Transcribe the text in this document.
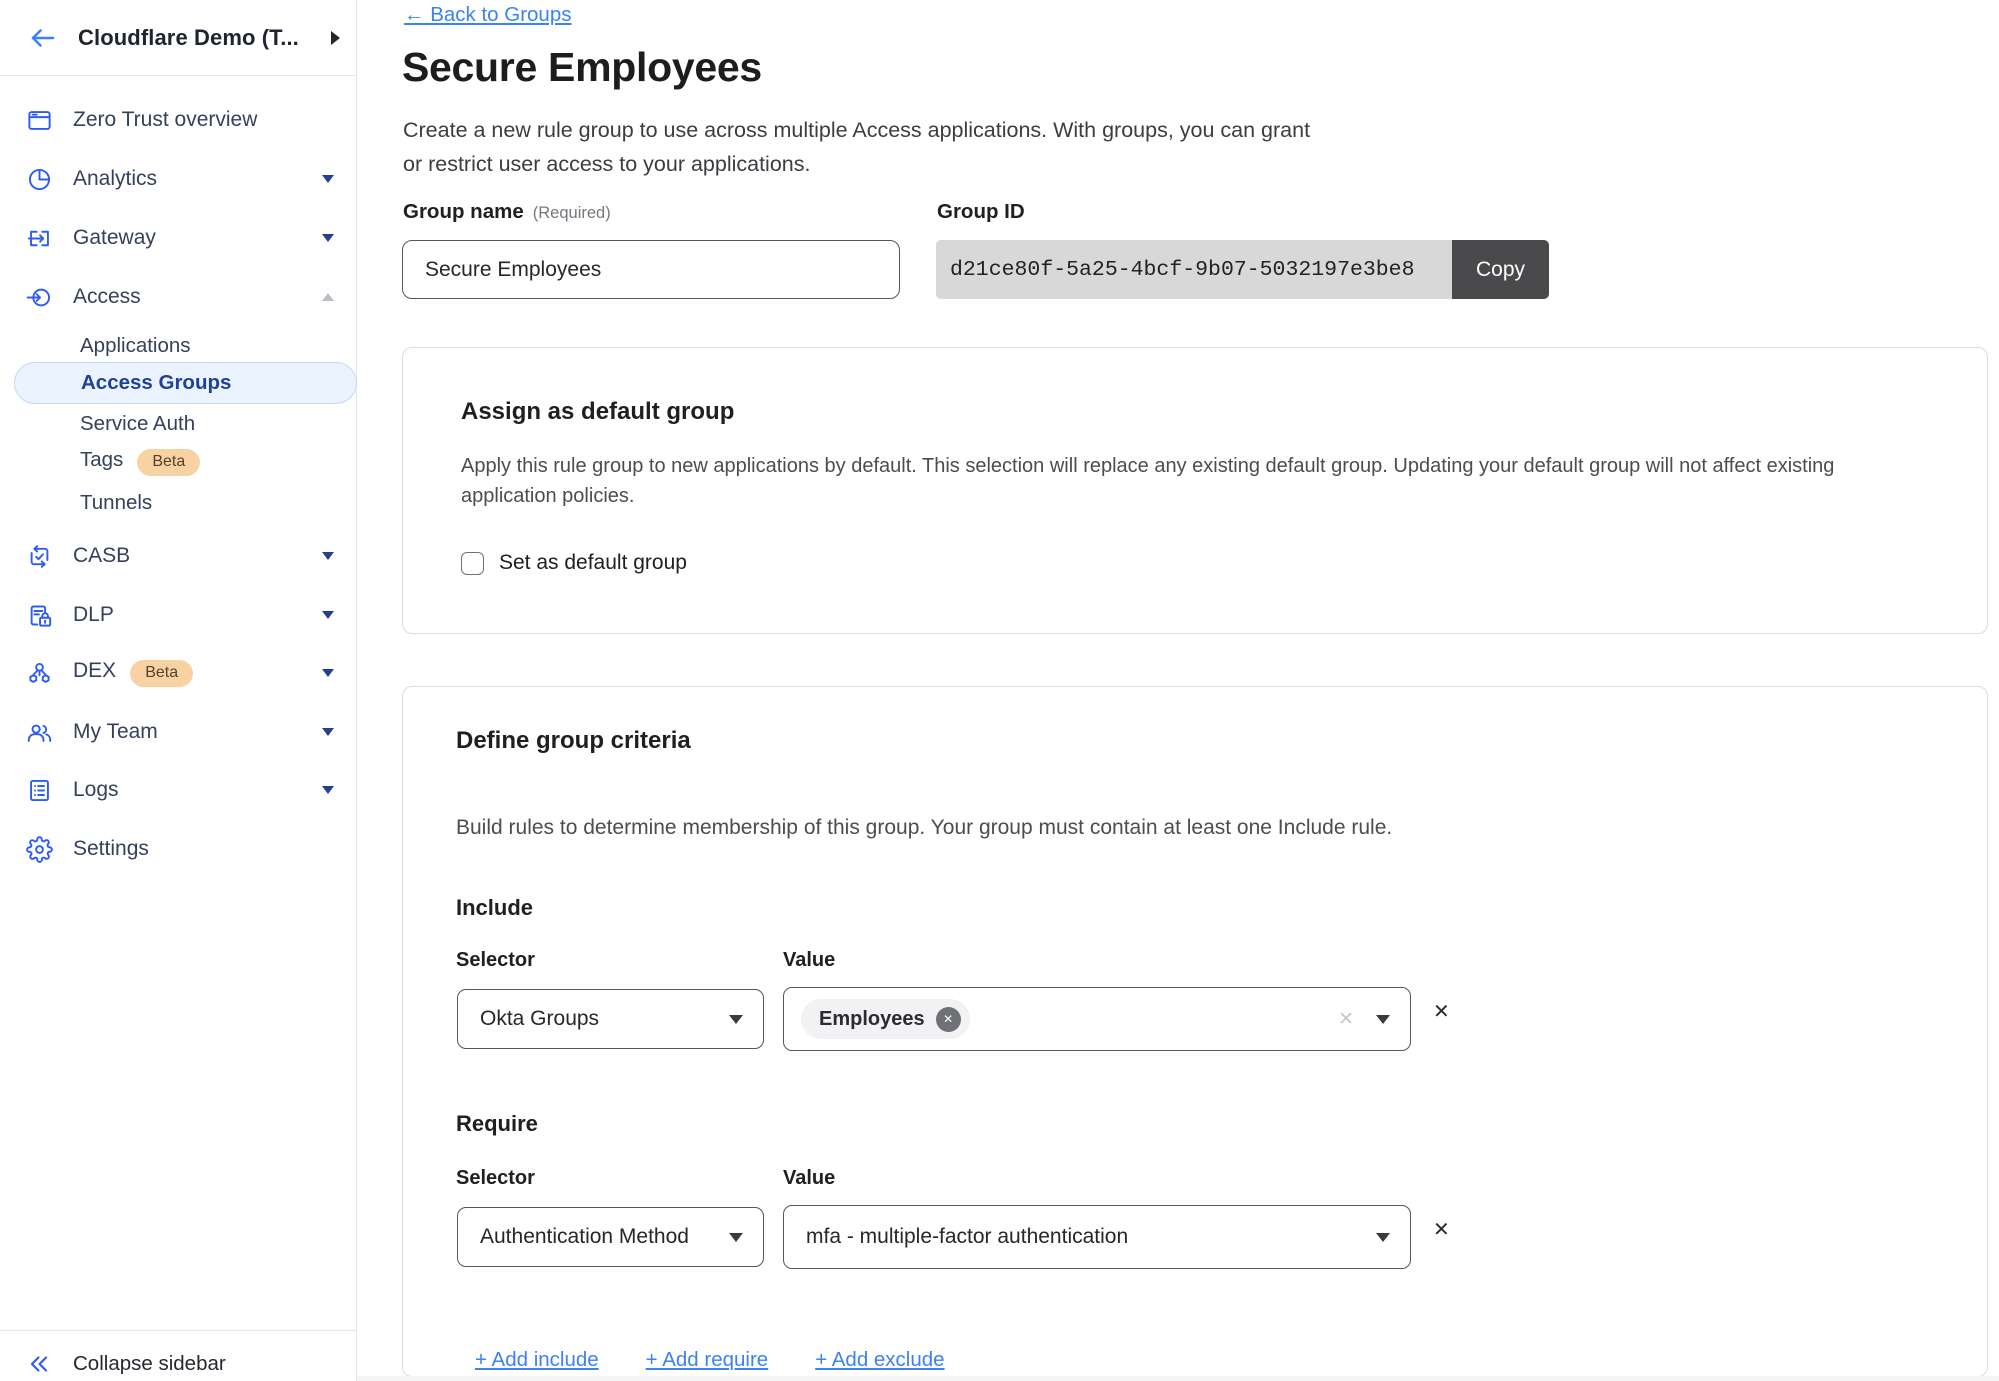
Cloudflare Demo (T...
Zero Trust overview
Analytics
Gateway
Access
Applications
Access Groups
Service Auth
Tags Beta
Tunnels
CASB
DLP
DEX Beta
My Team
Logs
Settings
Collapse sidebar
← Back to Groups
Secure Employees
Create a new rule group to use across multiple Access applications. With groups, you can grant
or restrict user access to your applications.
Group name (Required)
Secure Employees	Group ID
d21ce80f-5a25-4bcf-9b07-5032197e3be8	Copy
Assign as default group
Apply this rule group to new applications by default. This selection will replace any existing default group. Updating your default group will not affect existing application policies.
Set as default group
Define group criteria
Build rules to determine membership of this group. Your group must contain at least one Include rule.
Include
Selector	Value
Okta Groups	Employees	✕	✕	✕
Require
Selector	Value
Authentication Method	mfa - multiple-factor authentication	✕
+ Add include + Add require + Add exclude
